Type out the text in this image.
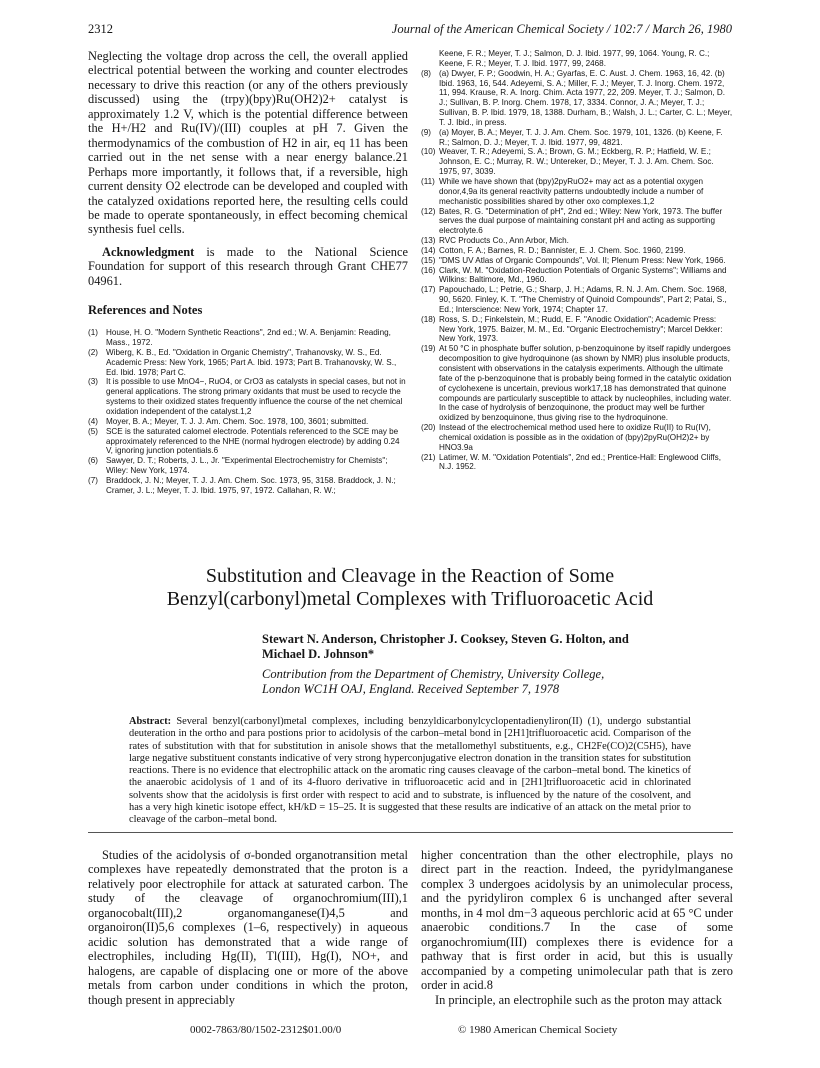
2312	Journal of the American Chemical Society / 102:7 / March 26, 1980

Neglecting the voltage drop across the cell, the overall applied electrical potential between the working and counter electrodes necessary to drive this reaction (or any of the others previously discussed) using the (trpy)(bpy)Ru(OH2)2+ catalyst is approximately 1.2 V, which is the potential difference between the H+/H2 and Ru(IV)/(III) couples at pH 7. Given the thermodynamics of the combustion of H2 in air, eq 11 has been carried out in the net sense with a near energy balance.21 Perhaps more importantly, it follows that, if a reversible, high current density O2 electrode can be developed and coupled with the catalyzed oxidations reported here, the resulting cells could be made to operate spontaneously, in effect becoming chemical synthesis fuel cells.

Acknowledgment is made to the National Science Foundation for support of this research through Grant CHE77 04961.

References and Notes
(1) House, H. O. "Modern Synthetic Reactions", 2nd ed.; W. A. Benjamin: Reading, Mass., 1972.
(2) Wiberg, K. B., Ed. "Oxidation in Organic Chemistry", Trahanovsky, W. S., Ed. Academic Press: New York, 1965; Part A. Ibid. 1973; Part B. Trahanovsky, W. S., Ed. Ibid. 1978; Part C.
(3) It is possible to use MnO4−, RuO4, or CrO3 as catalysts in special cases, but not in general applications. The strong primary oxidants that must be used to recycle the systems to their oxidized states frequently influence the course of the net chemical oxidation independent of the catalyst.1,2
(4) Moyer, B. A.; Meyer, T. J. J. Am. Chem. Soc. 1978, 100, 3601; submitted.
(5) SCE is the saturated calomel electrode. Potentials referenced to the SCE may be approximately referenced to the NHE (normal hydrogen electrode) by adding 0.24 V, ignoring junction potentials.6
(6) Sawyer, D. T.; Roberts, J. L., Jr. "Experimental Electrochemistry for Chemists"; Wiley: New York, 1974.
(7) Braddock, J. N.; Meyer, T. J. J. Am. Chem. Soc. 1973, 95, 3158. Braddock, J. N.; Cramer, J. L.; Meyer, T. J. Ibid. 1975, 97, 1972. Callahan, R. W.;
Keene, F. R.; Meyer, T. J.; Salmon, D. J. Ibid. 1977, 99, 1064. Young, R. C.; Keene, F. R.; Meyer, T. J. Ibid. 1977, 99, 2468.
(8) (a) Dwyer, F. P.; Goodwin, H. A.; Gyarfas, E. C. Aust. J. Chem. 1963, 16, 42. (b) Ibid. 1963, 16, 544. Adeyemi, S. A.; Miller, F. J.; Meyer, T. J. Inorg. Chem. 1972, 11, 994. Krause, R. A. Inorg. Chim. Acta 1977, 22, 209. Meyer, T. J.; Salmon, D. J.; Sullivan, B. P. Inorg. Chem. 1978, 17, 3334. Connor, J. A.; Meyer, T. J.; Sullivan, B. P. Ibid. 1979, 18, 1388. Durham, B.; Walsh, J. L.; Carter, C. L.; Meyer, T. J. Ibid., in press.
(9) (a) Moyer, B. A.; Meyer, T. J. J. Am. Chem. Soc. 1979, 101, 1326. (b) Keene, F. R.; Salmon, D. J.; Meyer, T. J. Ibid. 1977, 99, 4821.
(10) Weaver, T. R.; Adeyemi, S. A.; Brown, G. M.; Eckberg, R. P.; Hatfield, W. E.; Johnson, E. C.; Murray, R. W.; Untereker, D.; Meyer, T. J. J. Am. Chem. Soc. 1975, 97, 3039.
(11) While we have shown that (bpy)2pyRuO2+ may act as a potential oxygen donor,4,9a its general reactivity patterns undoubtedly include a number of mechanistic possibilities shared by other oxo complexes.1,2
(12) Bates, R. G. "Determination of pH", 2nd ed.; Wiley: New York, 1973. The buffer serves the dual purpose of maintaining constant pH and acting as supporting electrolyte.6
(13) RVC Products Co., Ann Arbor, Mich.
(14) Cotton, F. A.; Barnes, R. D.; Bannister, E. J. Chem. Soc. 1960, 2199.
(15) "DMS UV Atlas of Organic Compounds", Vol. II; Plenum Press: New York, 1966.
(16) Clark, W. M. "Oxidation-Reduction Potentials of Organic Systems"; Williams and Wilkins: Baltimore, Md., 1960.
(17) Papouchado, L.; Petrie, G.; Sharp, J. H.; Adams, R. N. J. Am. Chem. Soc. 1968, 90, 5620. Finley, K. T. "The Chemistry of Quinoid Compounds", Part 2; Patai, S., Ed.; Interscience: New York, 1974; Chapter 17.
(18) Ross, S. D.; Finkelstein, M.; Rudd, E. F. "Anodic Oxidation"; Academic Press: New York, 1975. Baizer, M. M., Ed. "Organic Electrochemistry"; Marcel Dekker: New York, 1973.
(19) At 50 °C in phosphate buffer solution, p-benzoquinone by itself rapidly undergoes decomposition to give hydroquinone (as shown by NMR) plus insoluble products, consistent with observations in the catalysis experiments. Although the ultimate fate of the p-benzoquinone that is probably being formed in the catalytic oxidation of cyclohexene is uncertain, previous work17,18 has demonstrated that quinone compounds are particularly susceptible to attack by nucleophiles, including water. In the case of hydrolysis of benzoquinone, the product may well be further oxidized by benzoquinone, thus giving rise to the hydroquinone.
(20) Instead of the electrochemical method used here to oxidize Ru(II) to Ru(IV), chemical oxidation is possible as in the oxidation of (bpy)2pyRu(OH2)2+ by HNO3.9a
(21) Latimer, W. M. "Oxidation Potentials", 2nd ed.; Prentice-Hall: Englewood Cliffs, N.J. 1952.
Substitution and Cleavage in the Reaction of Some
Benzyl(carbonyl)metal Complexes with Trifluoroacetic Acid
Stewart N. Anderson, Christopher J. Cooksey, Steven G. Holton, and
Michael D. Johnson*
Contribution from the Department of Chemistry, University College,
London WC1H OAJ, England. Received September 7, 1978
Abstract: Several benzyl(carbonyl)metal complexes, including benzyldicarbonylcyclopentadienyliron(II) (1), undergo substantial deuteration in the ortho and para postions prior to acidolysis of the carbon–metal bond in [2H1]trifluoroacetic acid. Comparison of the rates of substitution with that for substitution in anisole shows that the metallomethyl substituents, e.g., CH2Fe(CO)2(C5H5), have large negative substituent constants indicative of very strong hyperconjugative electron donation in the transition states for substitution reactions. There is no evidence that electrophilic attack on the aromatic ring causes cleavage of the carbon–metal bond. The kinetics of the anaerobic acidolysis of 1 and of its 4-fluoro derivative in trifluoroacetic acid and in [2H1]trifluoroacetic acid in chlorinated solvents show that the acidolysis is first order with respect to acid and to substrate, is influenced by the nature of the cosolvent, and has a very high kinetic isotope effect, kH/kD = 15–25. It is suggested that these results are indicative of an attack on the metal prior to cleavage of the carbon–metal bond.

Studies of the acidolysis of σ-bonded organotransition metal complexes have repeatedly demonstrated that the proton is a relatively poor electrophile for attack at saturated carbon. The study of the cleavage of organochromium(III),1 organocobalt(III),2 organomanganese(I)4,5 and organoiron(II)5,6 complexes (1–6, respectively) in aqueous acidic solution has demonstrated that a wide range of electrophiles, including Hg(II), Tl(III), Hg(I), NO+, and halogens, are capable of displacing one or more of the above metals from carbon under conditions in which the proton, though present in appreciably

higher concentration than the other electrophile, plays no direct part in the reaction. Indeed, the pyridylmanganese complex 3 undergoes acidolysis by an unimolecular process, and the pyridyliron complex 6 is unchanged after several months, in 4 mol dm−3 aqueous perchloric acid at 65 °C under anaerobic conditions.7 In the case of some organochromium(III) complexes there is evidence for a pathway that is first order in acid, but this is usually accompanied by a competing unimolecular path that is zero order in acid.8

In principle, an electrophile such as the proton may attack

0002-7863/80/1502-2312$01.00/0	© 1980 American Chemical Society
